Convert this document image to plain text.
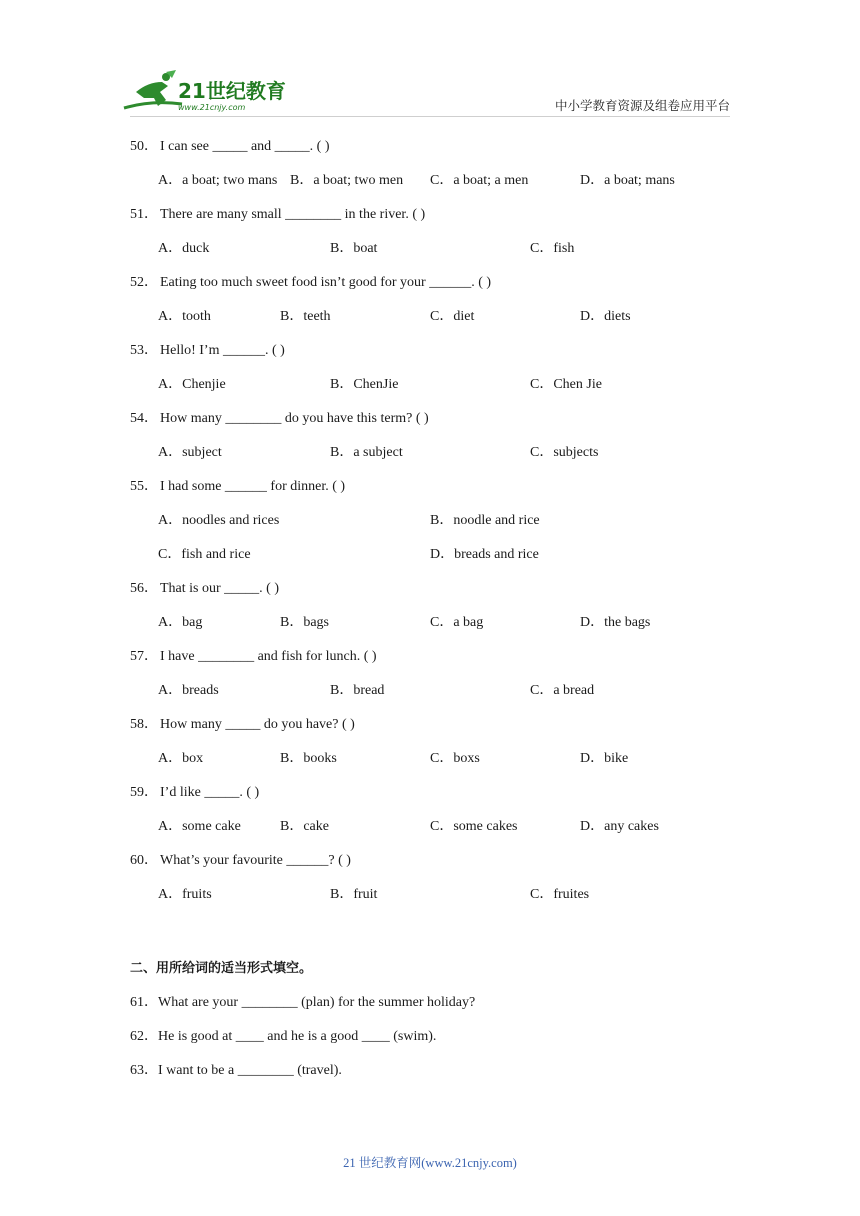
21世纪教育
www.21cnjy.com	中小学教育资源及组卷应用平台
50． I can see _____ and _____. ( )
A．a boat; two mans B．a boat; two men C．a boat; a men	D．a boat; mans
51． There are many small ________ in the river. ( )
A．duck	B．boat	C．fish
52． Eating too much sweet food isn’t good for your ______. ( )
A．tooth	B．teeth	C．diet	D．diets
53． Hello! I’m ______. ( )
A．Chenjie	B．ChenJie	C．Chen Jie
54． How many ________ do you have this term? ( )
A．subject	B．a subject	C．subjects
55． I had some ______ for dinner. ( )
A．noodles and rices	B．noodle and rice
C．fish and rice	D．breads and rice
56． That is our _____. ( )
A．bag	B．bags	C．a bag	D．the bags
57． I have ________ and fish for lunch. ( )
A．breads	B．bread	C．a bread
58． How many _____ do you have? ( )
A．box	B．books	C．boxs	D．bike
59． I’d like _____. ( )
A．some cake	B．cake	C．some cakes	D．any cakes
60． What’s your favourite ______? ( )
A．fruits	B．fruit	C．fruites
二、用所给词的适当形式填空。
61．What are your ________ (plan) for the summer holiday?
62．He is good at ____ and he is a good ____ (swim).
63．I want to be a ________ (travel).
21 世纪教育网(www.21cnjy.com)
